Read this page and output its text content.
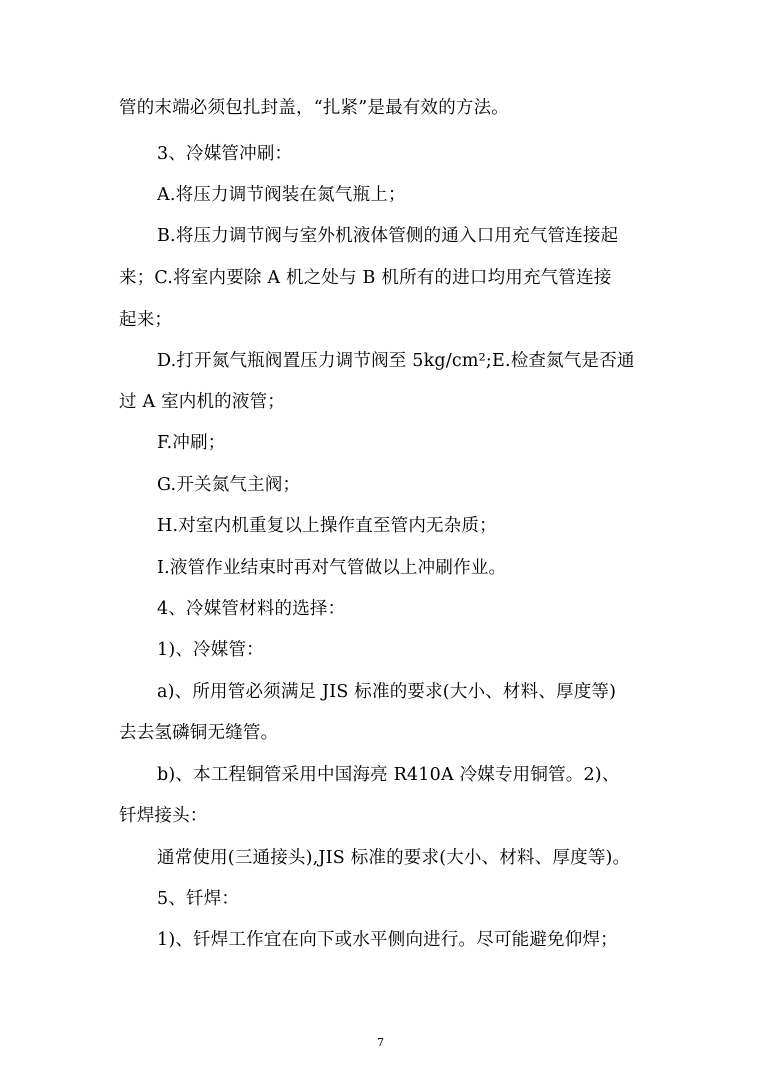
管的末端必须包扎封盖，“扎紧”是最有效的方法。
3、冷媒管冲刷：
A.将压力调节阀装在氮气瓶上；
B.将压力调节阀与室外机液体管侧的通入口用充气管连接起
来；C.将室内要除 A 机之处与 B 机所有的进口均用充气管连接
起来；
D.打开氮气瓶阀置压力调节阀至 5kg/cm²;E.检查氮气是否通
过 A 室内机的液管；
F.冲刷；
G.开关氮气主阀；
H.对室内机重复以上操作直至管内无杂质；
I.液管作业结束时再对气管做以上冲刷作业。
4、冷媒管材料的选择：
1)、冷媒管：
a)、所用管必须满足 JIS 标准的要求(大小、材料、厚度等)
去去氢磷铜无缝管。
b)、本工程铜管采用中国海亮 R410A 冷媒专用铜管。2)、
钎焊接头：
通常使用(三通接头),JIS 标准的要求(大小、材料、厚度等)。
5、钎焊：
1)、钎焊工作宜在向下或水平侧向进行。尽可能避免仰焊；
7
